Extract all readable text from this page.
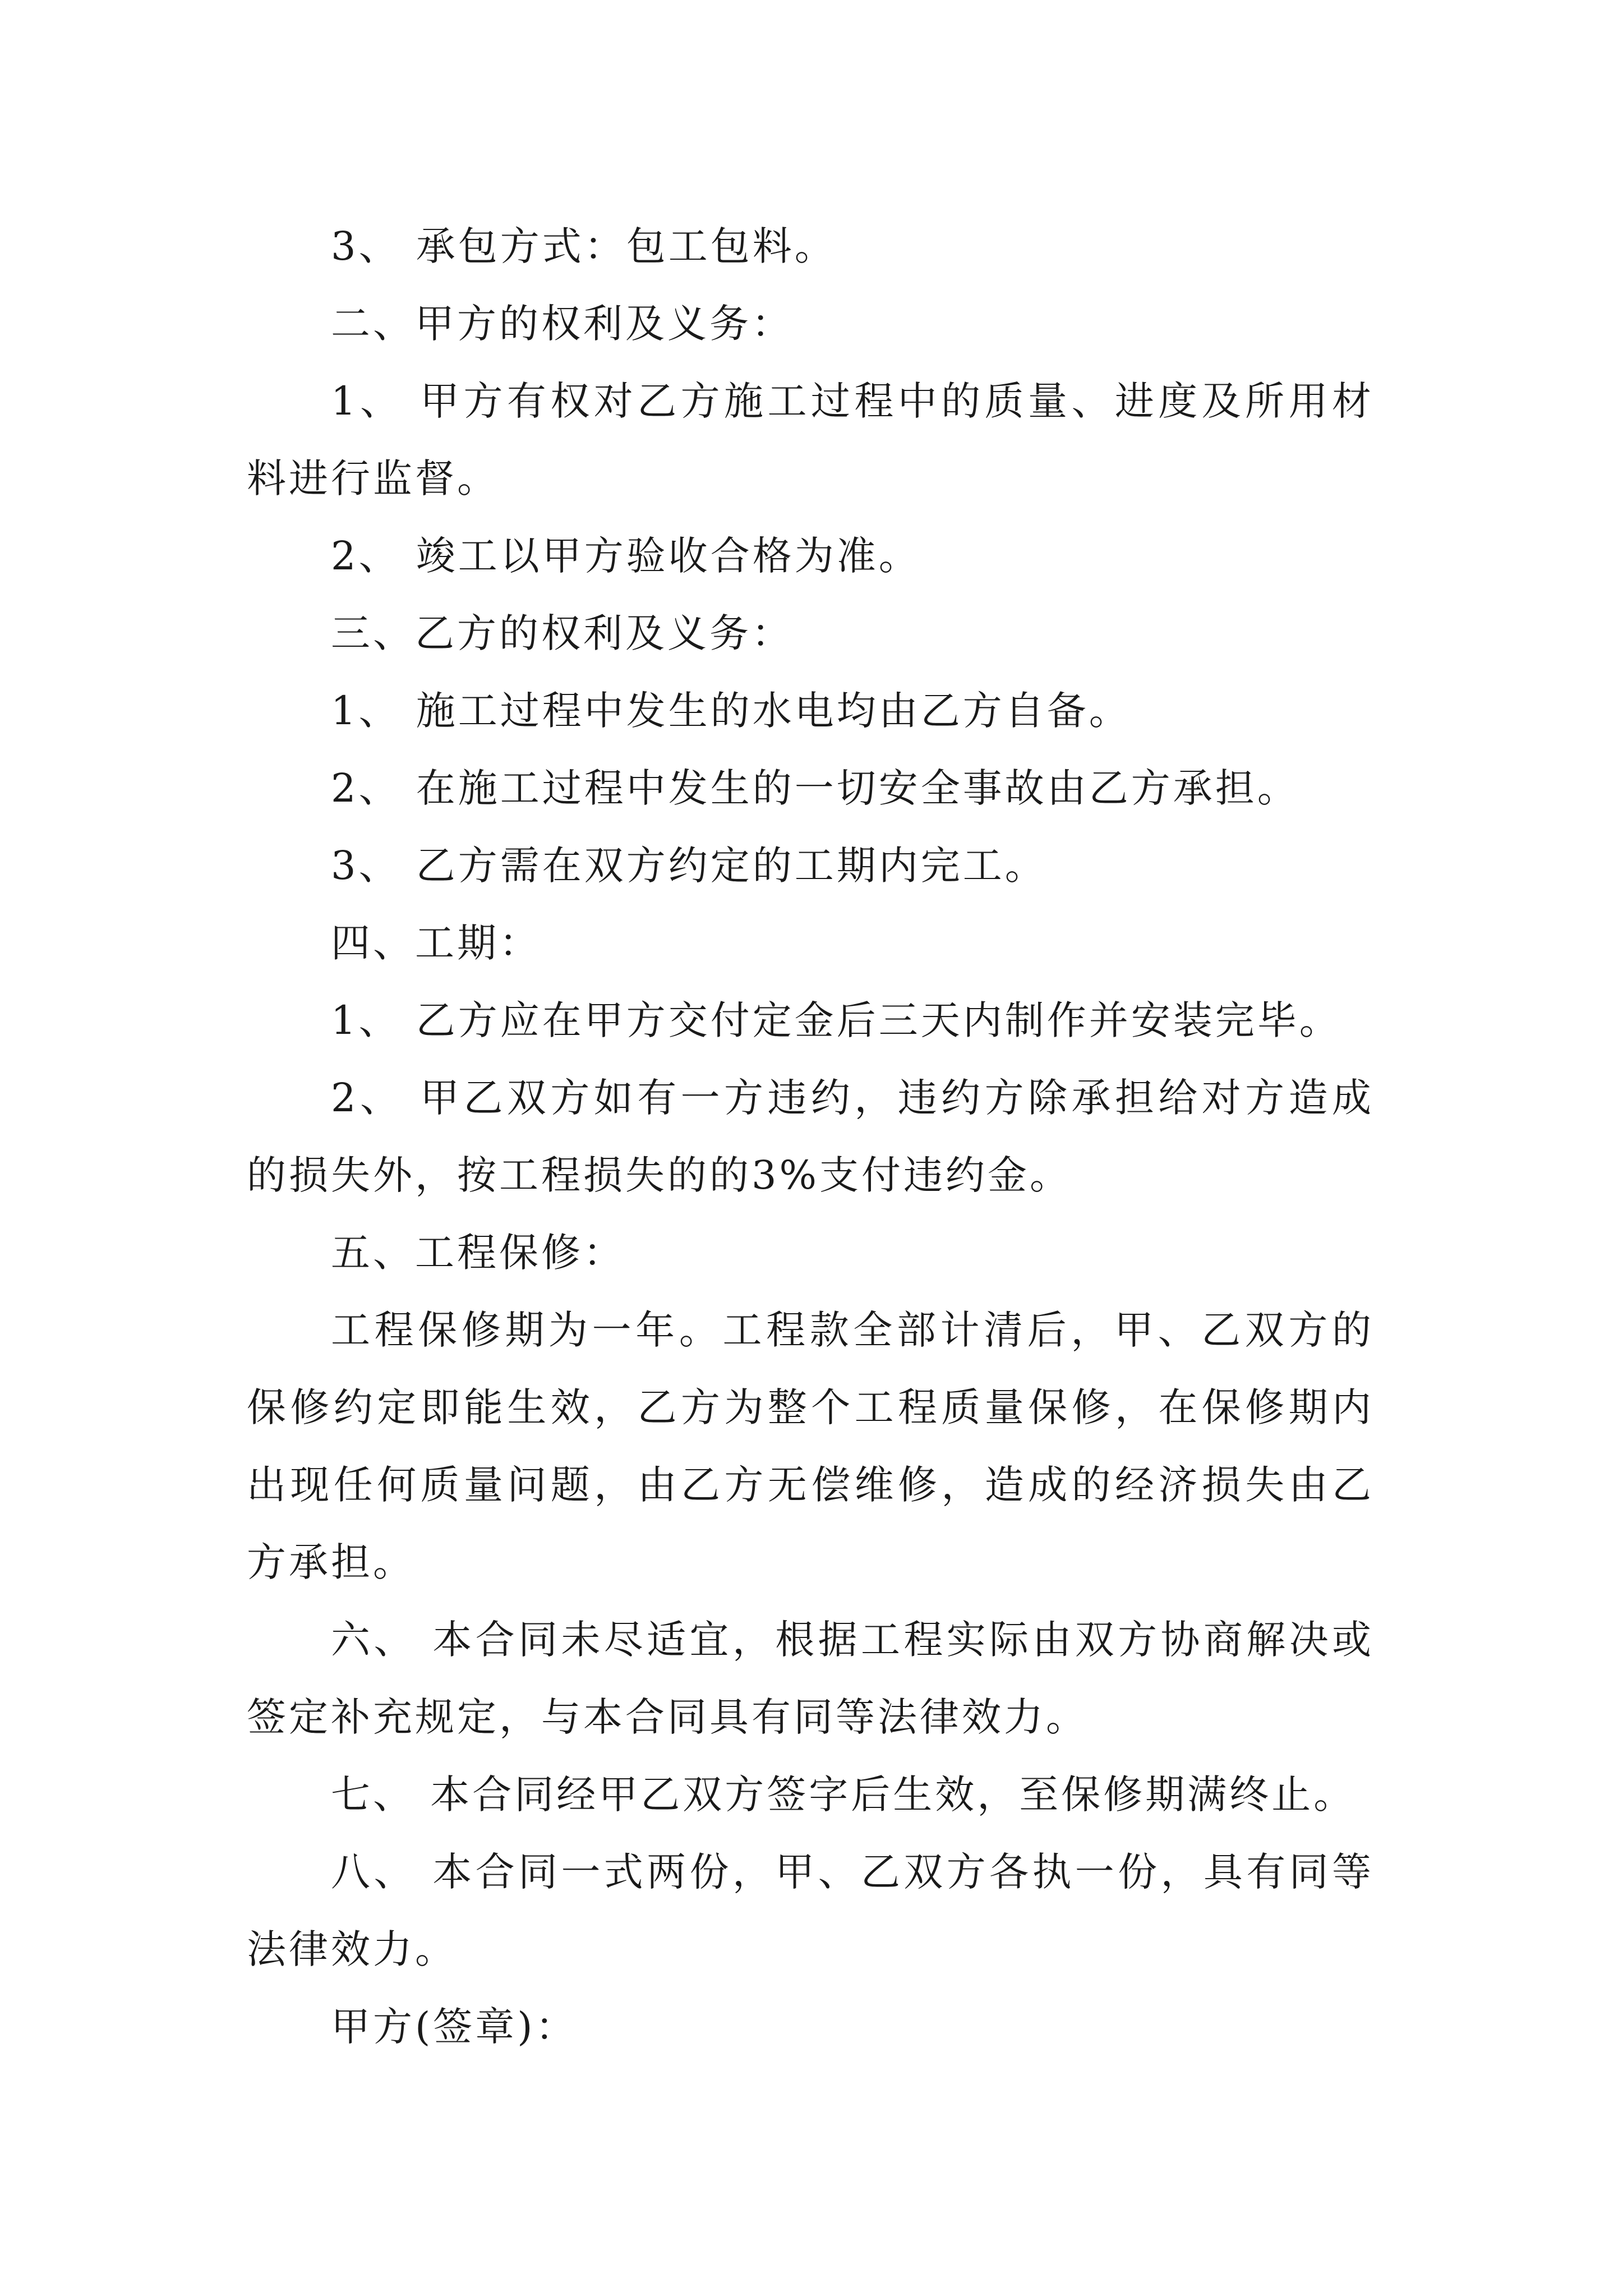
3、 承包方式：包工包料。

二、甲方的权利及义务：

1、 甲方有权对乙方施工过程中的质量、进度及所用材料进行监督。

2、 竣工以甲方验收合格为准。

三、乙方的权利及义务：

1、 施工过程中发生的水电均由乙方自备。

2、 在施工过程中发生的一切安全事故由乙方承担。

3、 乙方需在双方约定的工期内完工。

四、工期：

1、 乙方应在甲方交付定金后三天内制作并安装完毕。

2、 甲乙双方如有一方违约，违约方除承担给对方造成的损失外，按工程损失的的3%支付违约金。

五、工程保修：

工程保修期为一年。工程款全部计清后，甲、乙双方的保修约定即能生效，乙方为整个工程质量保修，在保修期内出现任何质量问题，由乙方无偿维修，造成的经济损失由乙方承担。

六、 本合同未尽适宜，根据工程实际由双方协商解决或签定补充规定，与本合同具有同等法律效力。

七、 本合同经甲乙双方签字后生效，至保修期满终止。

八、 本合同一式两份，甲、乙双方各执一份，具有同等法律效力。

甲方(签章)：
